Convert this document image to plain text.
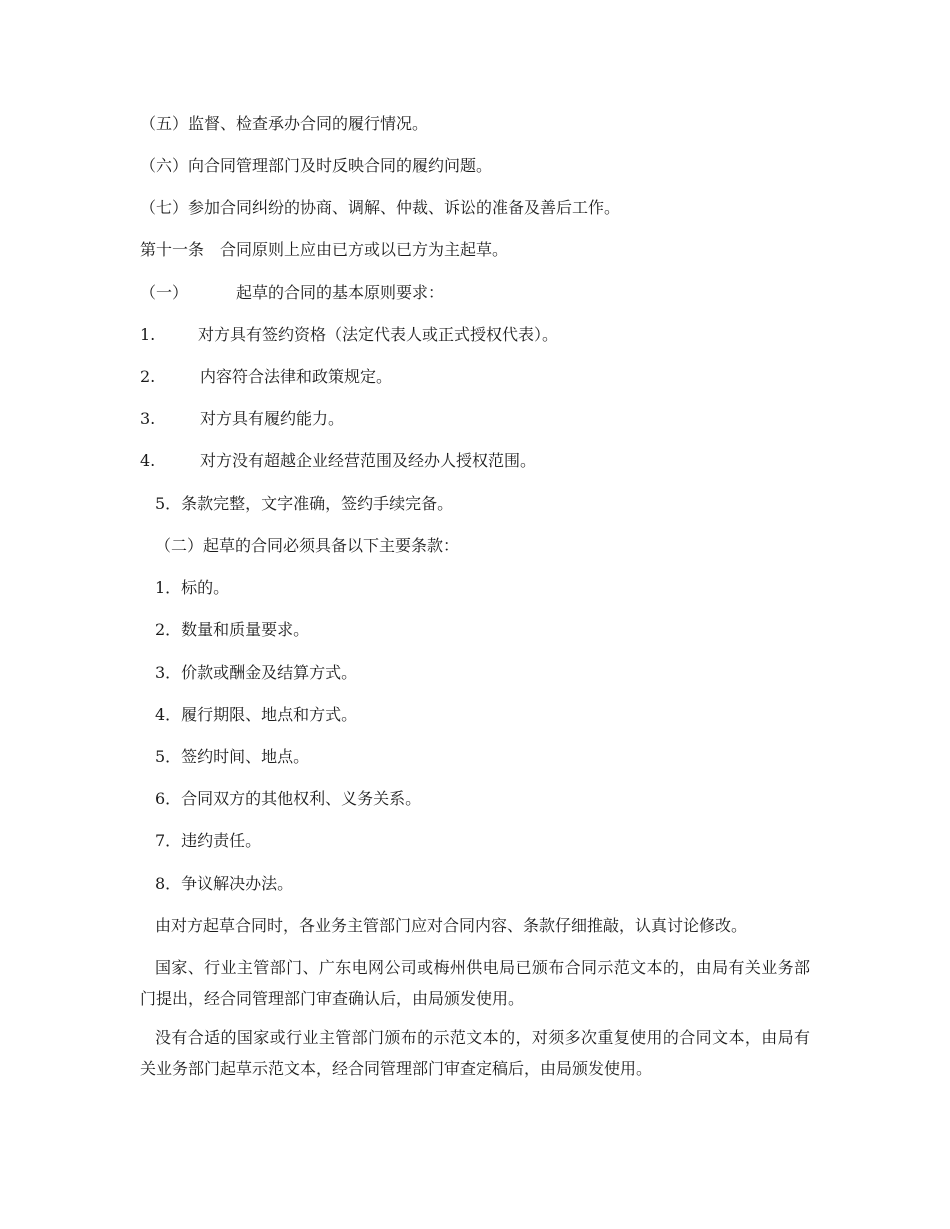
（五）监督、检查承办合同的履行情况。
（六）向合同管理部门及时反映合同的履约问题。
（七）参加合同纠纷的协商、调解、仲裁、诉讼的准备及善后工作。
第十一条　合同原则上应由已方或以已方为主起草。
（一）	起草的合同的基本原则要求：
1.	对方具有签约资格（法定代表人或正式授权代表）。
2.	内容符合法律和政策规定。
3.	对方具有履约能力。
4.	对方没有超越企业经营范围及经办人授权范围。
5．条款完整，文字准确，签约手续完备。
（二）起草的合同必须具备以下主要条款：
1．标的。
2．数量和质量要求。
3．价款或酬金及结算方式。
4．履行期限、地点和方式。
5．签约时间、地点。
6．合同双方的其他权利、义务关系。
7．违约责任。
8．争议解决办法。
由对方起草合同时，各业务主管部门应对合同内容、条款仔细推敲，认真讨论修改。
国家、行业主管部门、广东电网公司或梅州供电局已颁布合同示范文本的，由局有关业务部门提出，经合同管理部门审查确认后，由局颁发使用。
没有合适的国家或行业主管部门颁布的示范文本的，对须多次重复使用的合同文本，由局有关业务部门起草示范文本，经合同管理部门审查定稿后，由局颁发使用。
